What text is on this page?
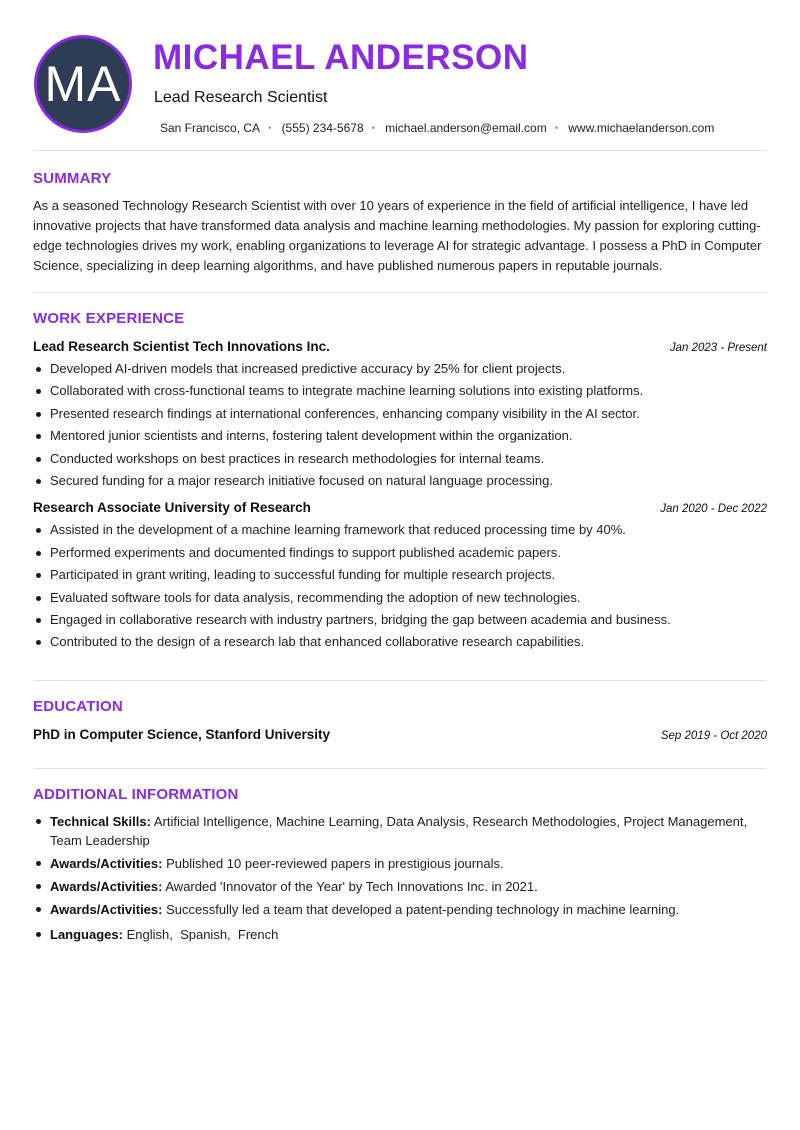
MA MICHAEL ANDERSON
Lead Research Scientist
San Francisco, CA • (555) 234-5678 • michael.anderson@email.com • www.michaelanderson.com
SUMMARY
As a seasoned Technology Research Scientist with over 10 years of experience in the field of artificial intelligence, I have led innovative projects that have transformed data analysis and machine learning methodologies. My passion for exploring cutting-edge technologies drives my work, enabling organizations to leverage AI for strategic advantage. I possess a PhD in Computer Science, specializing in deep learning algorithms, and have published numerous papers in reputable journals.
WORK EXPERIENCE
Lead Research Scientist Tech Innovations Inc.	Jan 2023 - Present
Developed AI-driven models that increased predictive accuracy by 25% for client projects.
Collaborated with cross-functional teams to integrate machine learning solutions into existing platforms.
Presented research findings at international conferences, enhancing company visibility in the AI sector.
Mentored junior scientists and interns, fostering talent development within the organization.
Conducted workshops on best practices in research methodologies for internal teams.
Secured funding for a major research initiative focused on natural language processing.
Research Associate University of Research	Jan 2020 - Dec 2022
Assisted in the development of a machine learning framework that reduced processing time by 40%.
Performed experiments and documented findings to support published academic papers.
Participated in grant writing, leading to successful funding for multiple research projects.
Evaluated software tools for data analysis, recommending the adoption of new technologies.
Engaged in collaborative research with industry partners, bridging the gap between academia and business.
Contributed to the design of a research lab that enhanced collaborative research capabilities.
EDUCATION
PhD in Computer Science, Stanford University	Sep 2019 - Oct 2020
ADDITIONAL INFORMATION
Technical Skills: Artificial Intelligence, Machine Learning, Data Analysis, Research Methodologies, Project Management, Team Leadership
Awards/Activities: Published 10 peer-reviewed papers in prestigious journals.
Awards/Activities: Awarded 'Innovator of the Year' by Tech Innovations Inc. in 2021.
Awards/Activities: Successfully led a team that developed a patent-pending technology in machine learning.
Languages: English,  Spanish,  French
